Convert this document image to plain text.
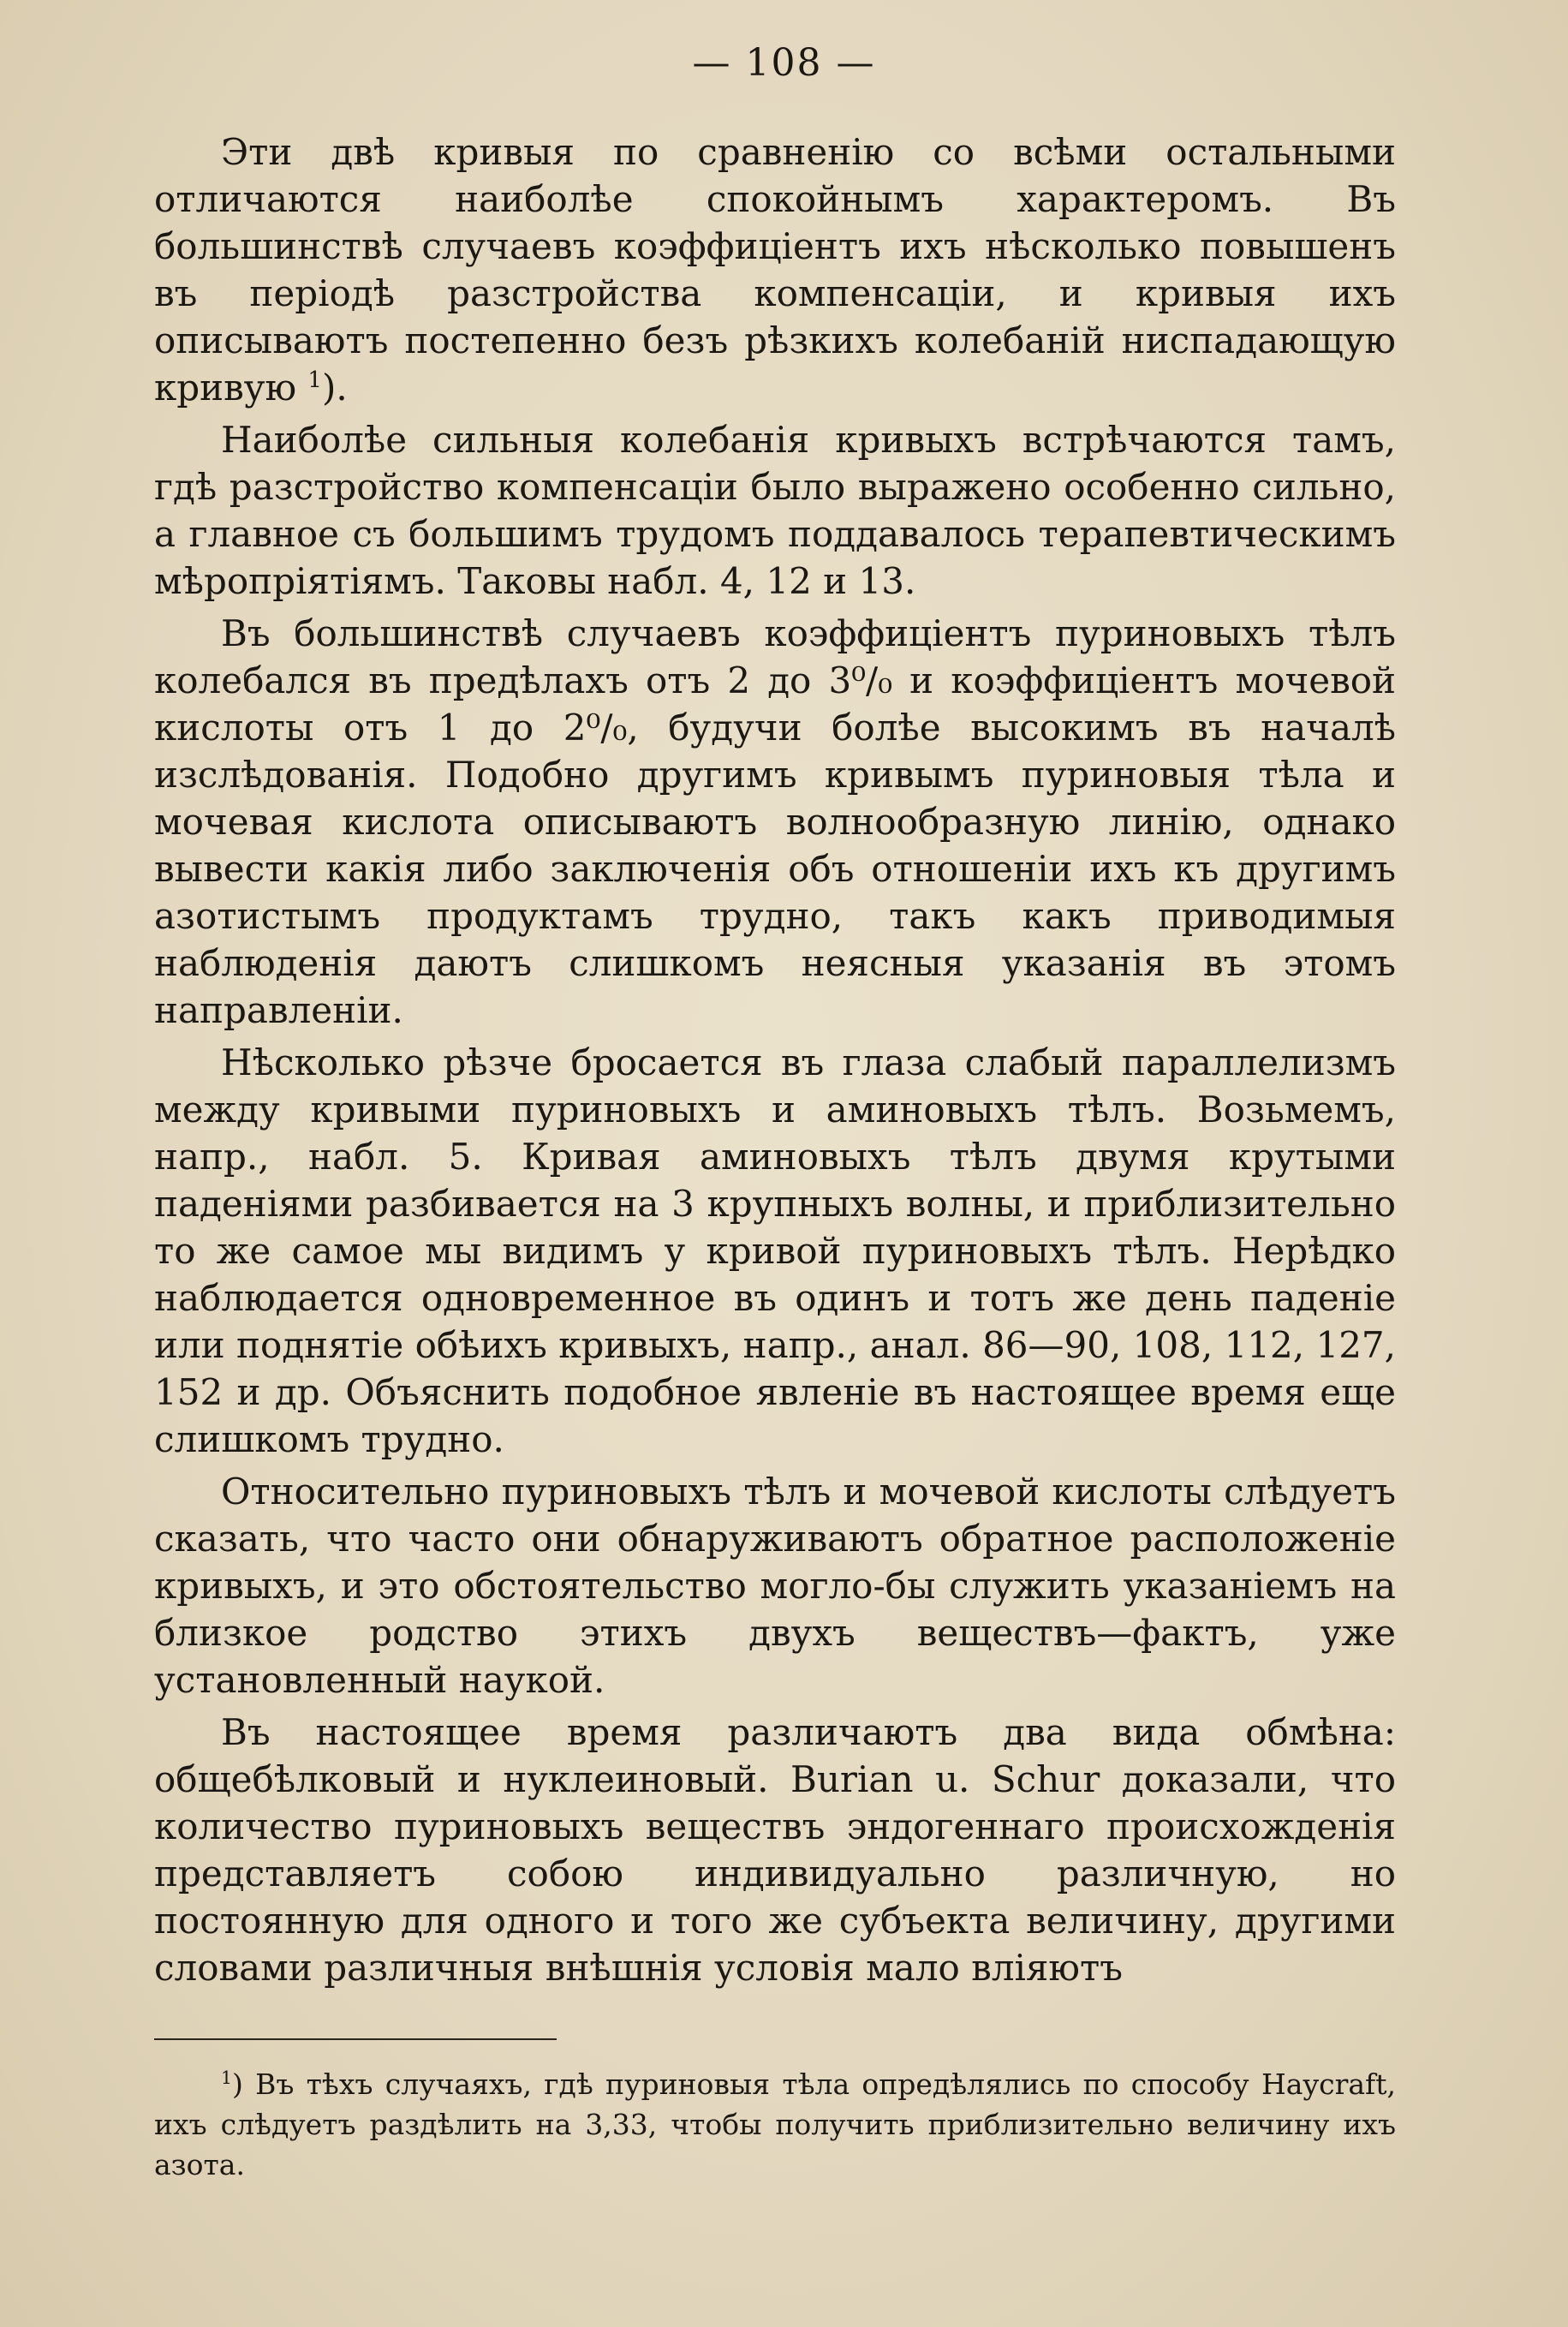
— 108 —

Эти двѣ кривыя по сравненію со всѣми остальными отличаются наиболѣе спокойнымъ характеромъ. Въ большинствѣ случаевъ коэффиціентъ ихъ нѣсколько повышенъ въ періодѣ разстройства компенсаціи, и кривыя ихъ описываютъ постепенно безъ рѣзкихъ колебаній ниспадающую кривую $^1$).

Наиболѣе сильныя колебанія кривыхъ встрѣчаются тамъ, гдѣ разстройство компенсаціи было выражено особенно сильно, а главное съ большимъ трудомъ поддавалось терапевтическимъ мѣропріятіямъ. Таковы набл. 4, 12 и 13.

Въ большинствѣ случаевъ коэффиціентъ пуриновыхъ тѣлъ колебался въ предѣлахъ отъ 2 до 3⁰/₀ и коэффиціентъ мочевой кислоты отъ 1 до 2⁰/₀, будучи болѣе высокимъ въ началѣ изслѣдованія. Подобно другимъ кривымъ пуриновыя тѣла и мочевая кислота описываютъ волнообразную линію, однако вывести какія либо заключенія объ отношеніи ихъ къ другимъ азотистымъ продуктамъ трудно, такъ какъ приводимыя наблюденія даютъ слишкомъ неясныя указанія въ этомъ направленіи.

Нѣсколько рѣзче бросается въ глаза слабый параллелизмъ между кривыми пуриновыхъ и аминовыхъ тѣлъ. Возьмемъ, напр., набл. 5. Кривая аминовыхъ тѣлъ двумя крутыми паденіями разбивается на 3 крупныхъ волны, и приблизительно то же самое мы видимъ у кривой пуриновыхъ тѣлъ. Нерѣдко наблюдается одновременное въ одинъ и тотъ же день паденіе или поднятіе обѣихъ кривыхъ, напр., анал. 86—90, 108, 112, 127, 152 и др. Объяснить подобное явленіе въ настоящее время еще слишкомъ трудно.

Относительно пуриновыхъ тѣлъ и мочевой кислоты слѣдуетъ сказать, что часто они обнаруживаютъ обратное расположеніе кривыхъ, и это обстоятельство могло-бы служить указаніемъ на близкое родство этихъ двухъ веществъ—фактъ, уже установленный наукой.

Въ настоящее время различаютъ два вида обмѣна: общебѣлковый и нуклеиновый. Burian u. Schur доказали, что количество пуриновыхъ веществъ эндогеннаго происхожденія представляетъ собою индивидуально различную, но постоянную для одного и того же субъекта величину, другими словами различныя внѣшнія условія мало вліяютъ

$^1$) Въ тѣхъ случаяхъ, гдѣ пуриновыя тѣла опредѣлялись по способу Haycraft, ихъ слѣдуетъ раздѣлить на 3,33, чтобы получить приблизительно величину ихъ азота.
